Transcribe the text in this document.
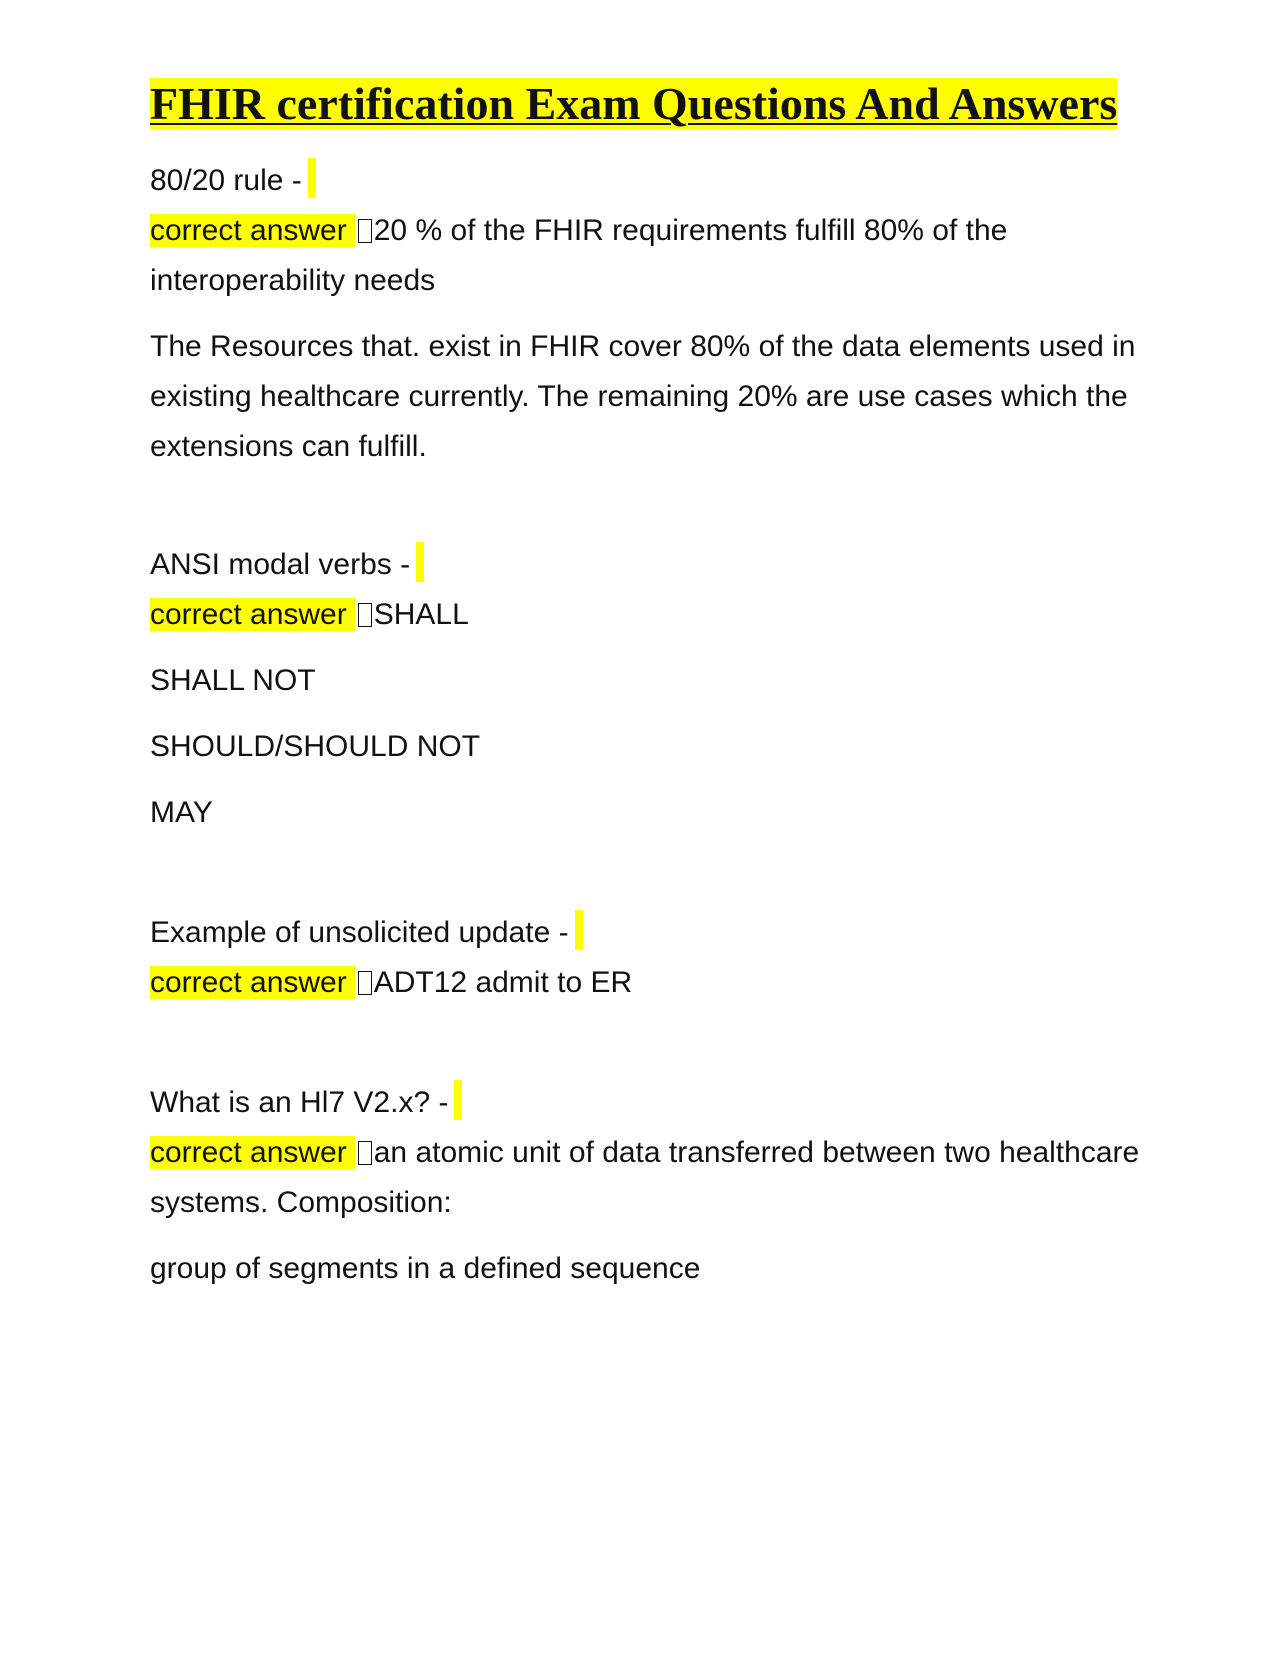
FHIR certification Exam Questions And Answers
80/20 rule -

correct answer 20 % of the FHIR requirements fulfill 80% of the interoperability needs

The Resources that. exist in FHIR cover 80% of the data elements used in existing healthcare currently. The remaining 20% are use cases which the extensions can fulfill.

ANSI modal verbs -

correct answer SHALL

SHALL NOT

SHOULD/SHOULD NOT

MAY

Example of unsolicited update -

correct answer ADT12 admit to ER

What is an Hl7 V2.x? -

correct answer an atomic unit of data transferred between two healthcare systems. Composition:

group of segments in a defined sequence
